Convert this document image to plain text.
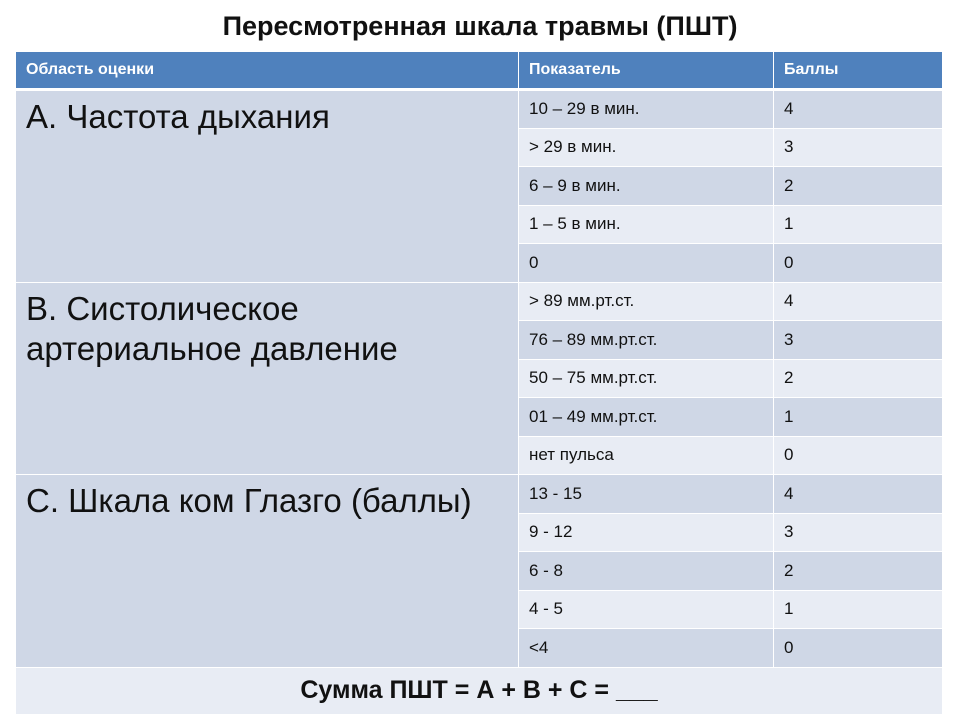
Пересмотренная шкала травмы (ПШТ)
Область оценки	Показатель	Баллы
A. Частота дыхания	10 – 29 в мин.	4
	> 29 в мин.	3
	6 – 9 в мин.	2
	1 – 5 в мин.	1
	0	0
B. Систолическое артериальное давление	> 89 мм.рт.ст.	4
	76 – 89 мм.рт.ст.	3
	50 – 75 мм.рт.ст.	2
	01 – 49 мм.рт.ст.	1
	нет пульса	0
C. Шкала ком Глазго (баллы)	13 - 15	4
	9 - 12	3
	6 - 8	2
	4 - 5	1
	<4	0
Сумма ПШТ = А + В + С = ___		
